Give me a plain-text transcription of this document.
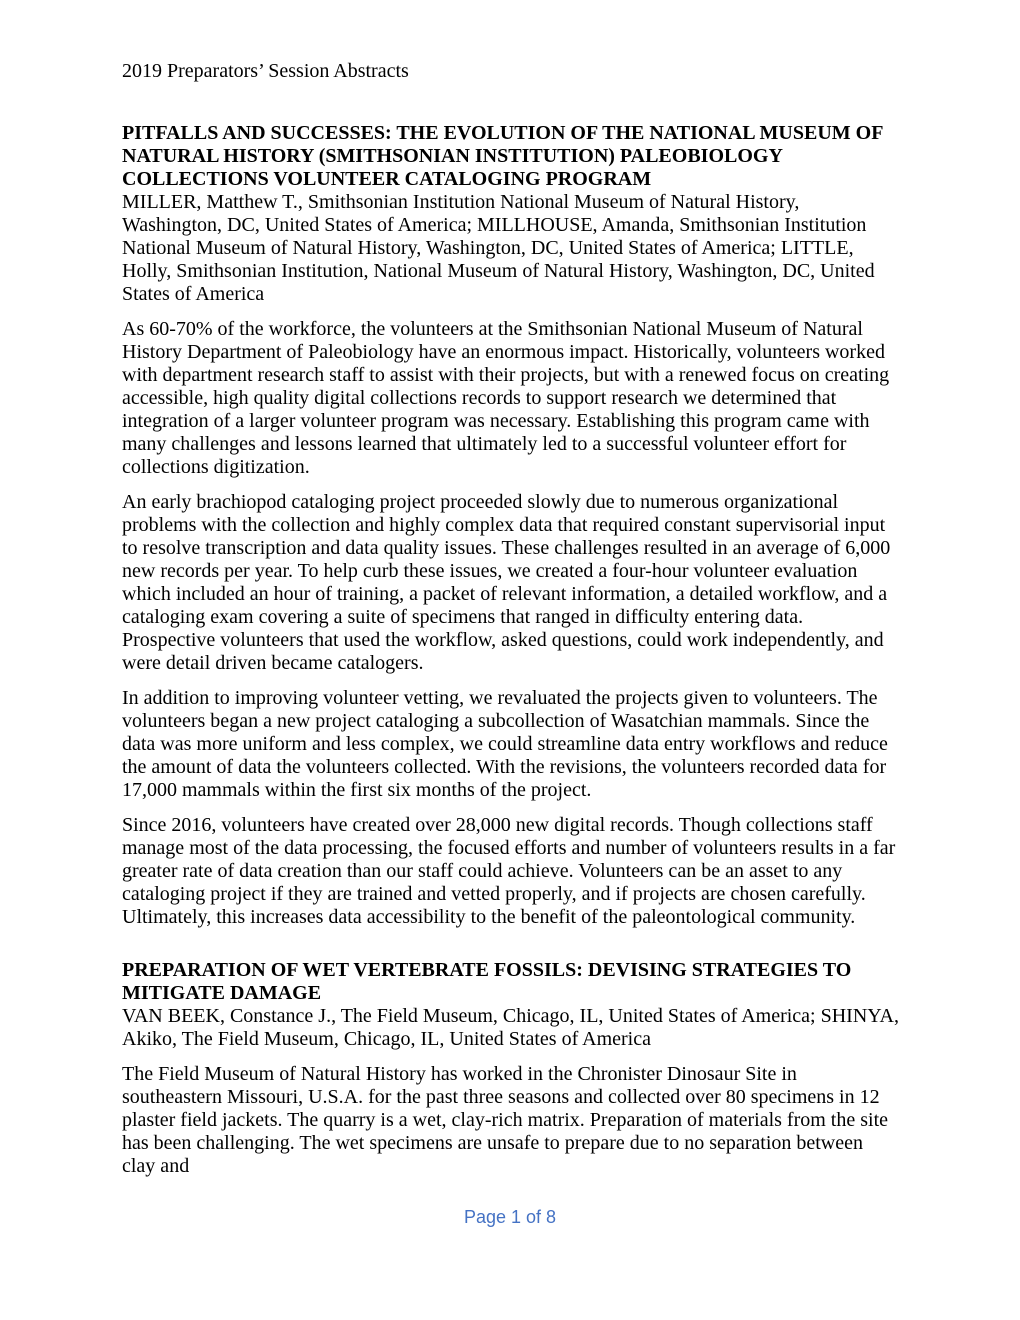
2019 Preparators’ Session Abstracts
PITFALLS AND SUCCESSES: THE EVOLUTION OF THE NATIONAL MUSEUM OF NATURAL HISTORY (SMITHSONIAN INSTITUTION) PALEOBIOLOGY COLLECTIONS VOLUNTEER CATALOGING PROGRAM
MILLER, Matthew T., Smithsonian Institution National Museum of Natural History, Washington, DC, United States of America; MILLHOUSE, Amanda, Smithsonian Institution National Museum of Natural History, Washington, DC, United States of America; LITTLE, Holly, Smithsonian Institution, National Museum of Natural History, Washington, DC, United States of America

As 60-70% of the workforce, the volunteers at the Smithsonian National Museum of Natural History Department of Paleobiology have an enormous impact. Historically, volunteers worked with department research staff to assist with their projects, but with a renewed focus on creating accessible, high quality digital collections records to support research we determined that integration of a larger volunteer program was necessary. Establishing this program came with many challenges and lessons learned that ultimately led to a successful volunteer effort for collections digitization.

An early brachiopod cataloging project proceeded slowly due to numerous organizational problems with the collection and highly complex data that required constant supervisorial input to resolve transcription and data quality issues. These challenges resulted in an average of 6,000 new records per year. To help curb these issues, we created a four-hour volunteer evaluation which included an hour of training, a packet of relevant information, a detailed workflow, and a cataloging exam covering a suite of specimens that ranged in difficulty entering data. Prospective volunteers that used the workflow, asked questions, could work independently, and were detail driven became catalogers.

In addition to improving volunteer vetting, we revaluated the projects given to volunteers. The volunteers began a new project cataloging a subcollection of Wasatchian mammals. Since the data was more uniform and less complex, we could streamline data entry workflows and reduce the amount of data the volunteers collected. With the revisions, the volunteers recorded data for 17,000 mammals within the first six months of the project.

Since 2016, volunteers have created over 28,000 new digital records. Though collections staff manage most of the data processing, the focused efforts and number of volunteers results in a far greater rate of data creation than our staff could achieve. Volunteers can be an asset to any cataloging project if they are trained and vetted properly, and if projects are chosen carefully. Ultimately, this increases data accessibility to the benefit of the paleontological community.

PREPARATION OF WET VERTEBRATE FOSSILS: DEVISING STRATEGIES TO MITIGATE DAMAGE
VAN BEEK, Constance J., The Field Museum, Chicago, IL, United States of America; SHINYA, Akiko, The Field Museum, Chicago, IL, United States of America

The Field Museum of Natural History has worked in the Chronister Dinosaur Site in southeastern Missouri, U.S.A. for the past three seasons and collected over 80 specimens in 12 plaster field jackets. The quarry is a wet, clay-rich matrix. Preparation of materials from the site has been challenging. The wet specimens are unsafe to prepare due to no separation between clay and

Page 1 of 8
